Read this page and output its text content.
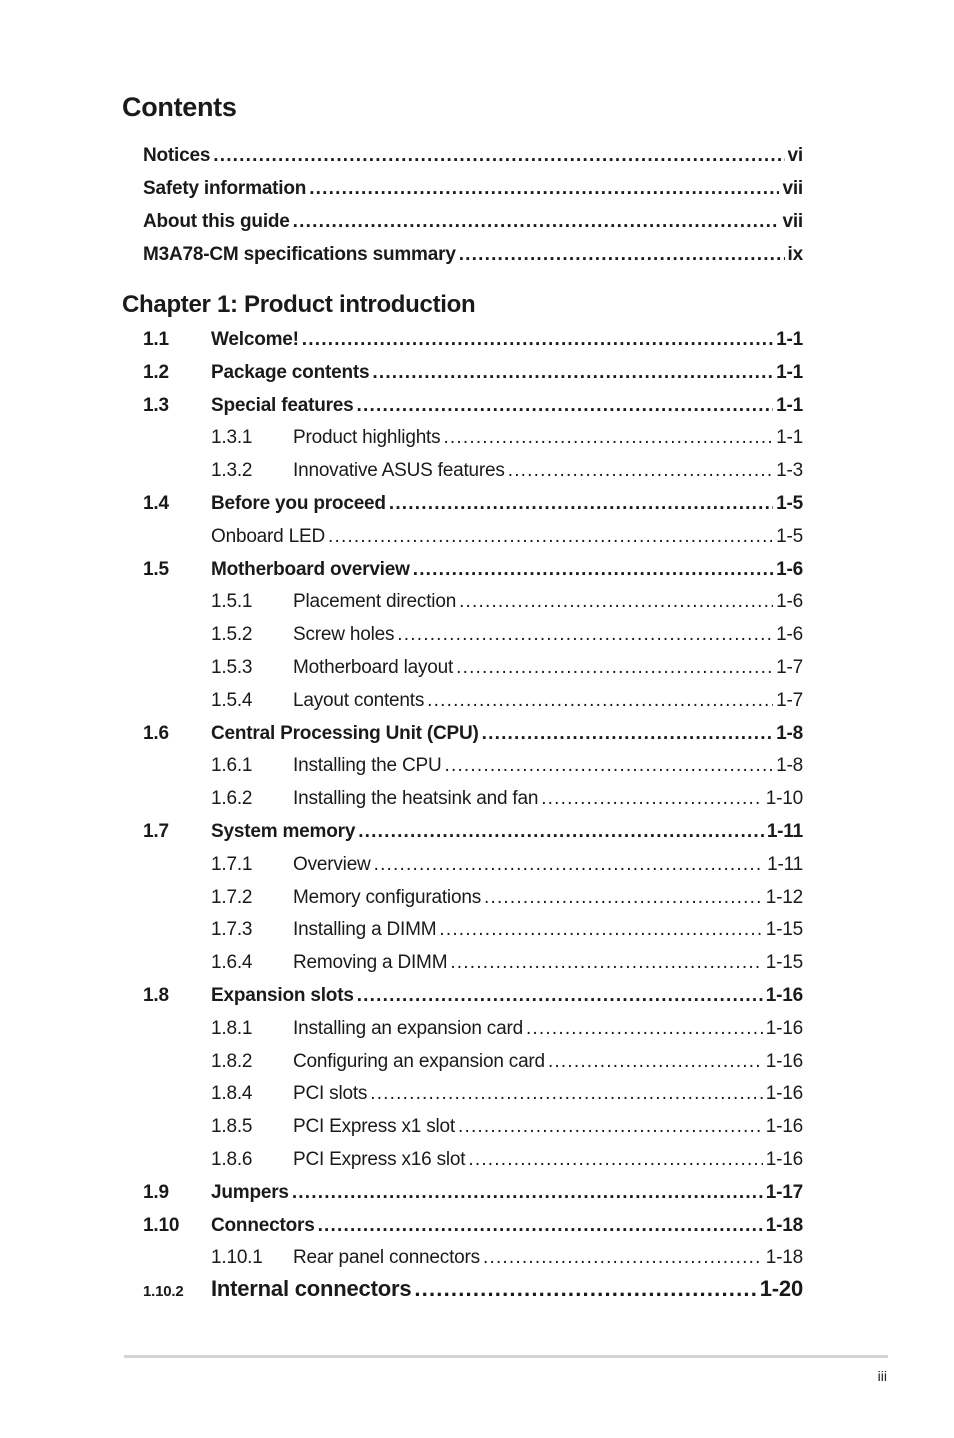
Contents
Notices .....	vi
Safety information .....	vii
About this guide .....	vii
M3A78-CM specifications summary .....	ix
Chapter 1: Product introduction
1.1	Welcome! .....	1-1
1.2	Package contents .....	1-1
1.3	Special features .....	1-1
1.3.1	Product highlights .....	1-1
1.3.2	Innovative ASUS features .....	1-3
1.4	Before you proceed .....	1-5
Onboard LED .....	1-5
1.5	Motherboard overview .....	1-6
1.5.1	Placement direction .....	1-6
1.5.2	Screw holes .....	1-6
1.5.3	Motherboard layout .....	1-7
1.5.4	Layout contents .....	1-7
1.6	Central Processing Unit (CPU) .....	1-8
1.6.1	Installing the CPU .....	1-8
1.6.2	Installing the heatsink and fan .....	1-10
1.7	System memory .....	1-11
1.7.1	Overview .....	1-11
1.7.2	Memory configurations .....	1-12
1.7.3	Installing a DIMM .....	1-15
1.6.4	Removing a DIMM .....	1-15
1.8	Expansion slots .....	1-16
1.8.1	Installing an expansion card .....	1-16
1.8.2	Configuring an expansion card .....	1-16
1.8.4	PCI slots .....	1-16
1.8.5	PCI Express x1 slot .....	1-16
1.8.6	PCI Express x16 slot .....	1-16
1.9	Jumpers .....	1-17
1.10	Connectors .....	1-18
1.10.1	Rear panel connectors .....	1-18
1.10.2	Internal connectors .....	1-20
iii
